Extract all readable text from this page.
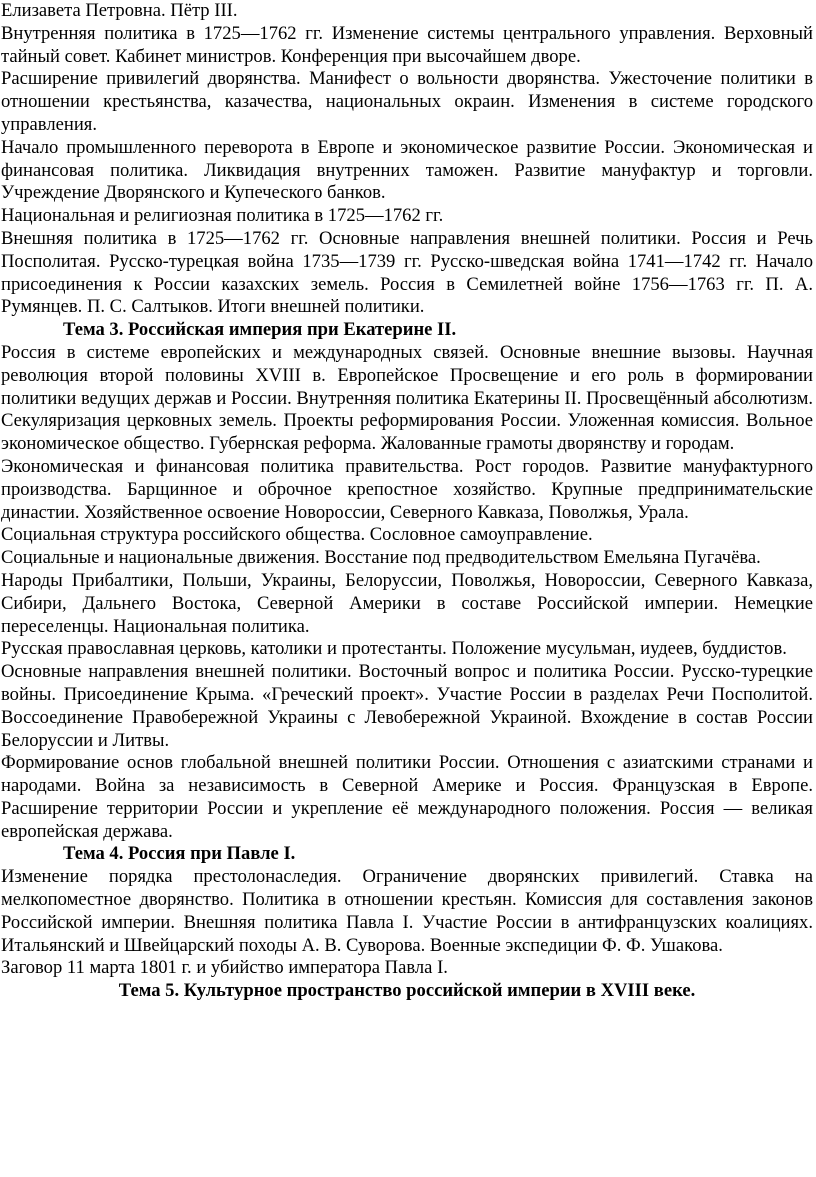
Елизавета Петровна. Пётр III.

Внутренняя политика в 1725—1762 гг. Изменение системы центрального управления. Верховный тайный совет. Кабинет министров. Конференция при высочайшем дворе.

Расширение привилегий дворянства. Манифест о вольности дворянства. Ужесточение политики в отношении крестьянства, казачества, национальных окраин. Изменения в системе городского управления.

Начало промышленного переворота в Европе и экономическое развитие России. Экономическая и финансовая политика. Ликвидация внутренних таможен. Развитие мануфактур и торговли. Учреждение Дворянского и Купеческого банков.

Национальная и религиозная политика в 1725—1762 гг.

Внешняя политика в 1725—1762 гг. Основные направления внешней политики. Россия и Речь Посполитая. Русско-турецкая война 1735—1739 гг. Русско-шведская война 1741—1742 гг. Начало присоединения к России казахских земель. Россия в Семилетней войне 1756—1763 гг. П. А. Румянцев. П. С. Салтыков. Итоги внешней политики.

Тема 3. Российская империя при Екатерине II.

Россия в системе европейских и международных связей. Основные внешние вызовы. Научная революция второй половины XVIII в. Европейское Просвещение и его роль в формировании политики ведущих держав и России. Внутренняя политика Екатерины II. Просвещённый абсолютизм. Секуляризация церковных земель. Проекты реформирования России. Уложенная комиссия. Вольное экономическое общество. Губернская реформа. Жалованные грамоты дворянству и городам.

Экономическая и финансовая политика правительства. Рост городов. Развитие мануфактурного производства. Барщинное и оброчное крепостное хозяйство. Крупные предпринимательские династии. Хозяйственное освоение Новороссии, Северного Кавказа, Поволжья, Урала.

Социальная структура российского общества. Сословное самоуправление.

Социальные и национальные движения. Восстание под предводительством Емельяна Пугачёва.

Народы Прибалтики, Польши, Украины, Белоруссии, Поволжья, Новороссии, Северного Кавказа, Сибири, Дальнего Востока, Северной Америки в составе Российской империи. Немецкие переселенцы. Национальная политика.

Русская православная церковь, католики и протестанты. Положение мусульман, иудеев, буддистов.

Основные направления внешней политики. Восточный вопрос и политика России. Русско-турецкие войны. Присоединение Крыма. «Греческий проект». Участие России в разделах Речи Посполитой. Воссоединение Правобережной Украины с Левобережной Украиной. Вхождение в состав России Белоруссии и Литвы.

Формирование основ глобальной внешней политики России. Отношения с азиатскими странами и народами. Война за независимость в Северной Америке и Россия. Французская в Европе. Расширение территории России и укрепление её международного положения. Россия — великая европейская держава.

Тема 4. Россия при Павле I.

Изменение порядка престолонаследия. Ограничение дворянских привилегий. Ставка на мелкопоместное дворянство. Политика в отношении крестьян. Комиссия для составления законов Российской империи. Внешняя политика Павла I. Участие России в антифранцузских коалициях. Итальянский и Швейцарский походы А. В. Суворова. Военные экспедиции Ф. Ф. Ушакова.

Заговор 11 марта 1801 г. и убийство императора Павла I.

Тема 5. Культурное пространство российской империи в XVIII веке.
